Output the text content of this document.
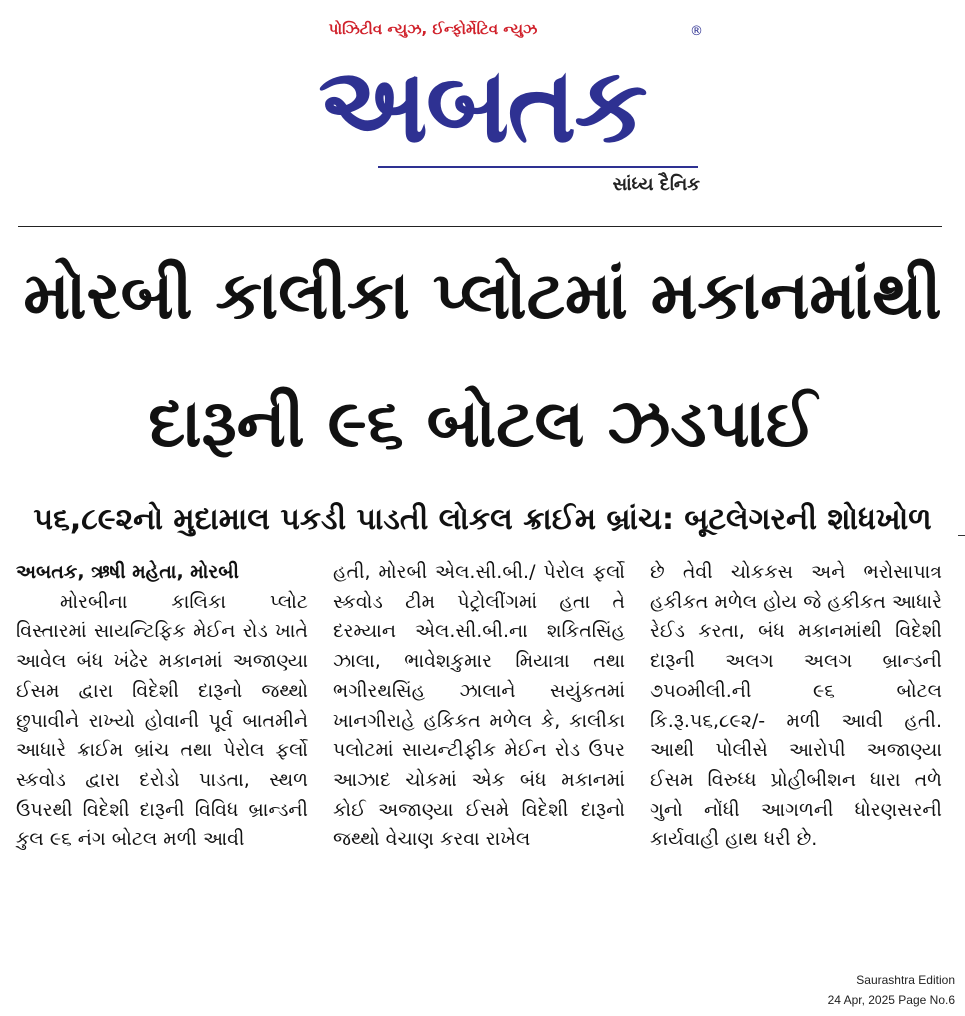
પોઝિટીવ ન્યુઝ, ઈન્ફોર્મેટિવ ન્યુઝ
અબતક
®
સાંધ્ય દૈનિક
મોરબી કાલીકા પ્લોટમાં મકાનમાંથી દારૂની ૯૬ બોટલ ઝડપાઈ
૫૬,૮૯૨નો મુદામાલ પકડી પાડતી લોકલ ક્રાઈમ બ્રાંચ: બૂટલેગરની શોધખોળ
અબતક, ઋષી મહેતા, મોરબી
મોરબીના કાલિકા પ્લોટ વિસ્તારમાં સાયન્ટિફિક મેઈન રોડ ખાતે આવેલ બંધ ખંઢેર મકાનમાં અજાણ્યા ઈસમ દ્વારા વિદેશી દારૂનો જથ્થો છુપાવીને રાખ્યો હોવાની પૂર્વ બાતમીને આધારે ક્રાઈમ બ્રાંચ તથા પેરોલ ફર્લો સ્કવોડ દ્વારા દરોડો પાડતા, સ્થળ ઉપરથી વિદેશી દારૂની વિવિધ બ્રાન્ડની કુલ ૯૬ નંગ બોટલ મળી આવી
હતી, મોરબી એલ.સી.બી./ પેરોલ ફર્લો સ્કવોડ ટીમ પેટ્રોલીંગમાં હતા તે દરમ્યાન એલ.સી.બી.ના શકિતસિંહ ઝાલા, ભાવેશકુમાર મિયાત્રા તથા ભગીરથસિંહ ઝાલાને સયુંકતમાં ખાનગીરાહે હકિકત મળેલ કે, કાલીકા પલોટમાં સાયન્ટીફીક મેઈન રોડ ઉપર આઝાદ ચોકમાં એક બંધ મકાનમાં કોઈ અજાણ્યા ઈસમે વિદેશી દારૂનો જથ્થો વેચાણ કરવા રાખેલ
છે તેવી ચોકકસ અને ભરોસાપાત્ર હકીકત મળેલ હોય જે હકીકત આધારે રેઈડ કરતા, બંધ મકાનમાંથી વિદેશી દારૂની અલગ અલગ બ્રાન્ડની ૭૫૦મીલી.ની ૯૬ બોટલ કિ.રૂ.૫૬,૮૯૨/- મળી આવી હતી. આથી પોલીસે આરોપી અજાણ્યા ઈસમ વિરુધ્ધ પ્રોહીબીશન ધારા તળે ગુનો નોંધી આગળની ધોરણસરની કાર્યવાહી હાથ ધરી છે.
Saurashtra Edition
24 Apr, 2025 Page No.6
